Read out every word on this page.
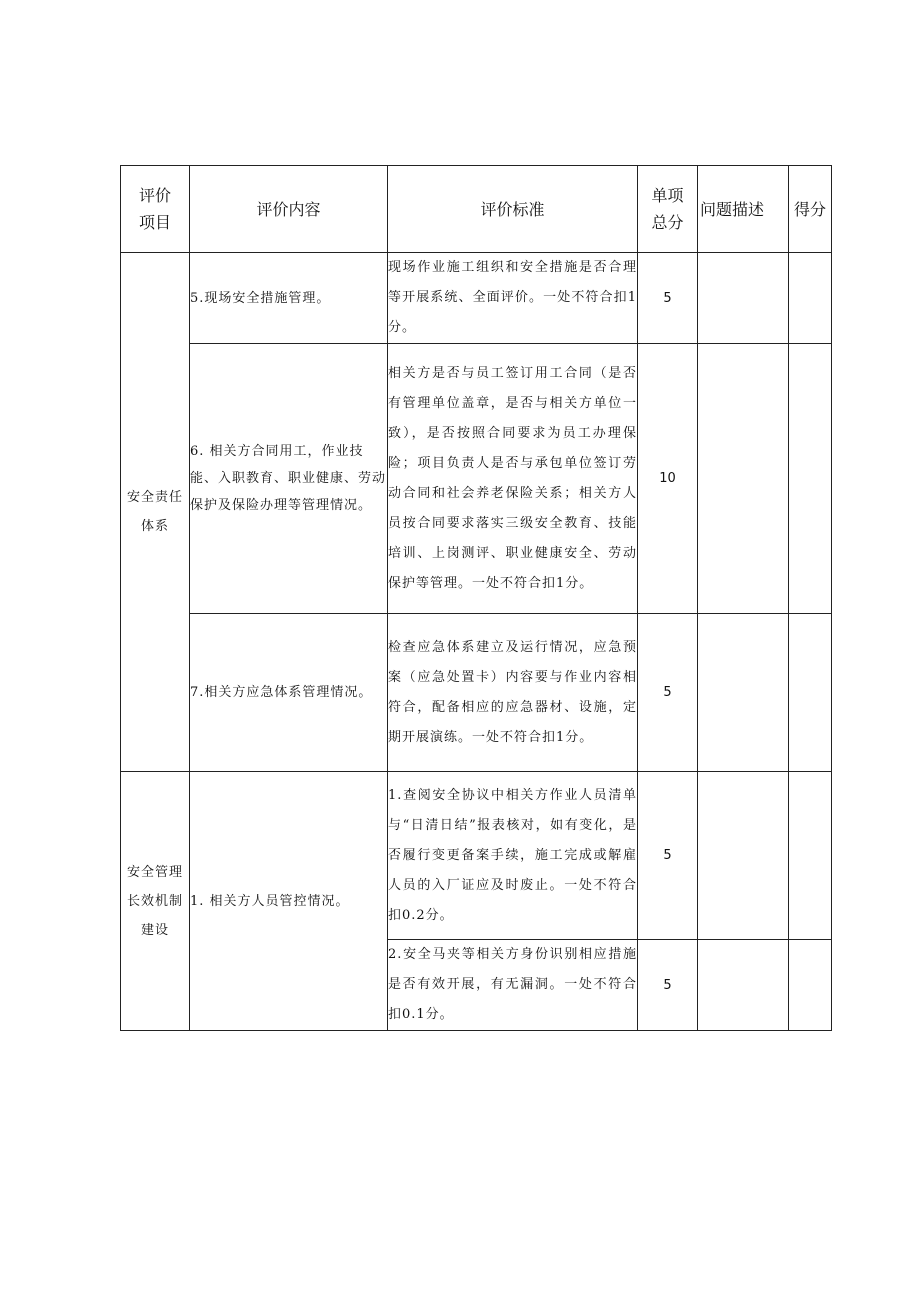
评价项目	评价内容	评价标准	单项总分	问题描述	得分
安全责任体系	5.现场安全措施管理。	现场作业施工组织和安全措施是否合理等开展系统、全面评价。一处不符合扣1分。	5		
	6. 相关方合同用工，作业技能、入职教育、职业健康、劳动保护及保险办理等管理情况。	相关方是否与员工签订用工合同（是否有管理单位盖章，是否与相关方单位一致），是否按照合同要求为员工办理保险；项目负责人是否与承包单位签订劳动合同和社会养老保险关系；相关方人员按合同要求落实三级安全教育、技能培训、上岗测评、职业健康安全、劳动保护等管理。一处不符合扣1分。	10		
	7.相关方应急体系管理情况。	检查应急体系建立及运行情况，应急预案（应急处置卡）内容要与作业内容相符合，配备相应的应急器材、设施，定期开展演练。一处不符合扣1分。	5		
安全管理长效机制建设	1. 相关方人员管控情况。	1.查阅安全协议中相关方作业人员清单与“日清日结”报表核对，如有变化，是否履行变更备案手续，施工完成或解雇人员的入厂证应及时废止。一处不符合扣0.2分。	5		
		2.安全马夹等相关方身份识别相应措施是否有效开展，有无漏洞。一处不符合扣0.1分。	5		
